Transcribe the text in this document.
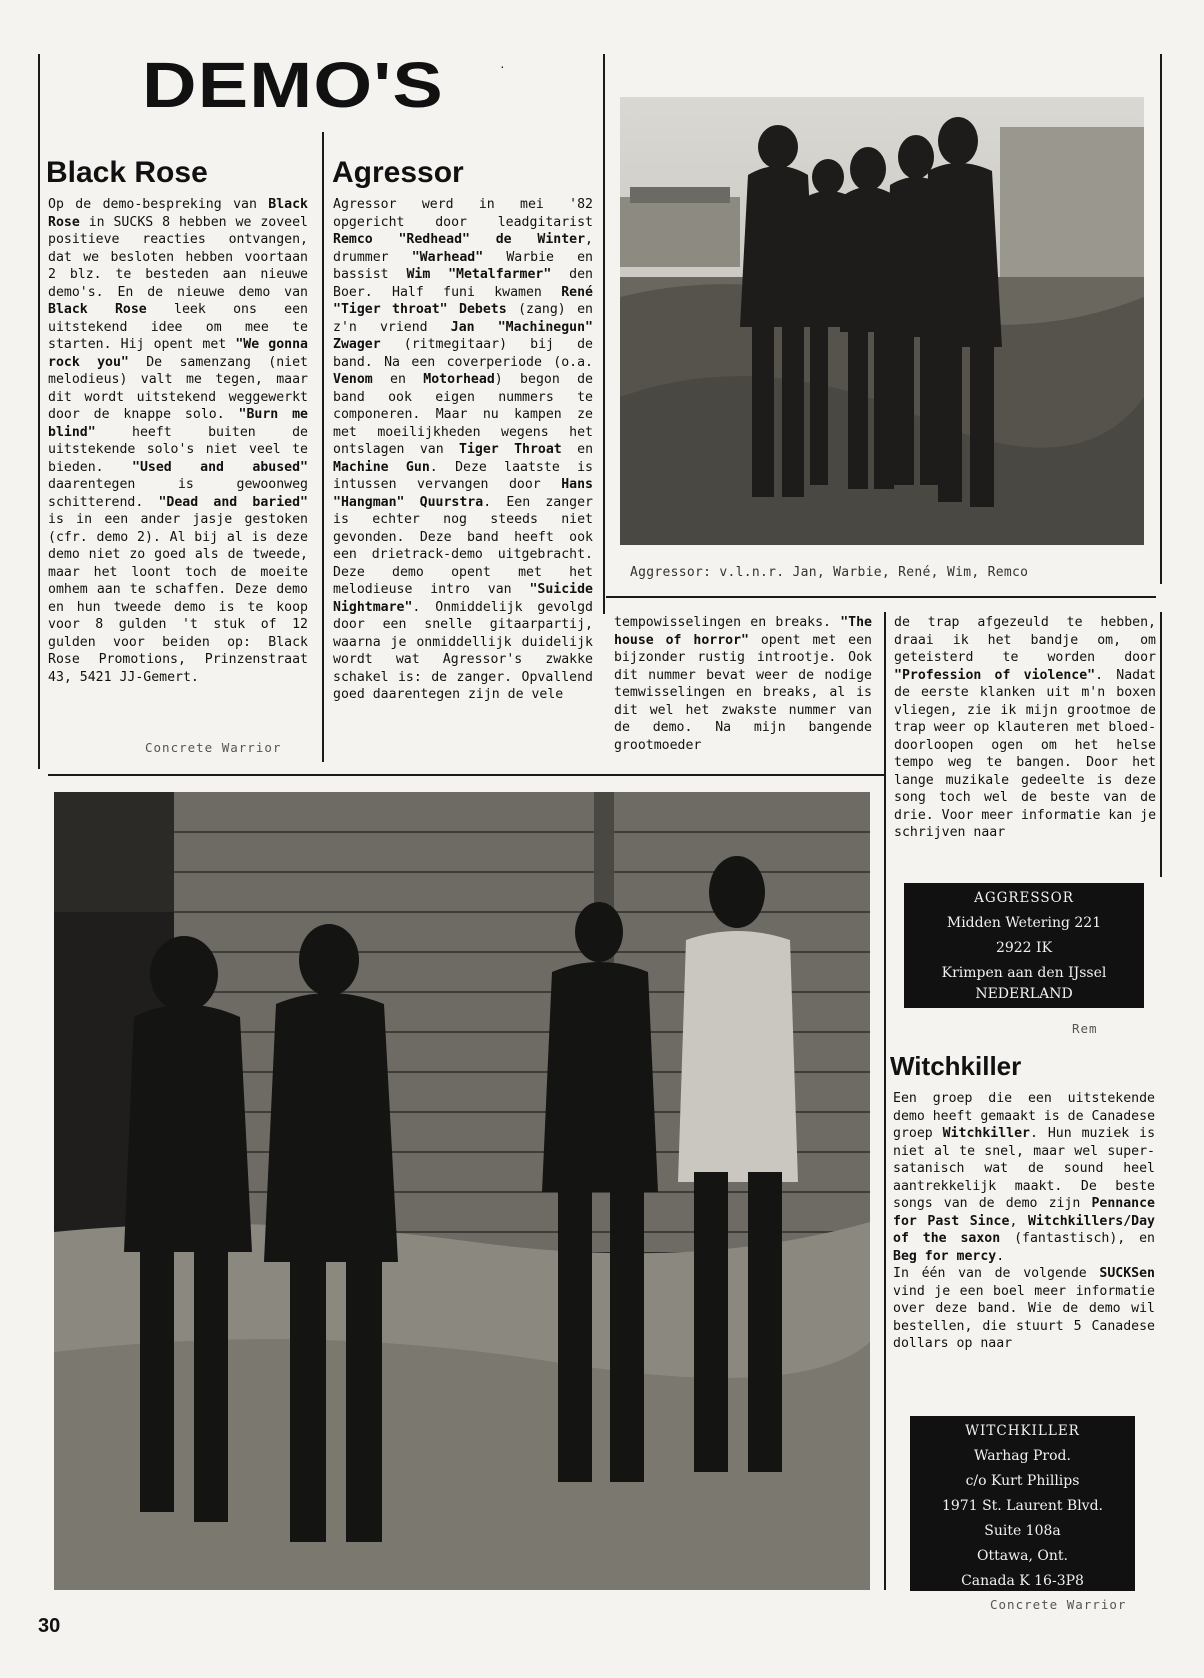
DEMO'S	·
Black Rose

Op de demo-bespreking van Black Rose in SUCKS 8 hebben we zoveel positieve reacties ontvangen, dat we besloten hebben voortaan 2 blz. te besteden aan nieuwe demo's. En de nieuwe demo van Black Rose leek ons een uitstekend idee om mee te starten. Hij opent met "We gonna rock you" De samenzang (niet melodieus) valt me tegen, maar dit wordt uitstekend weggewerkt door de knappe solo. "Burn me blind" heeft buiten de uitstekende solo's niet veel te bieden. "Used and abused" daarentegen is gewoonweg schitterend. "Dead and baried" is in een ander jasje gestoken (cfr. demo 2). Al bij al is deze demo niet zo goed als de tweede, maar het loont toch de moeite omhem aan te schaffen. Deze demo en hun tweede demo is te koop voor 8 gulden 't stuk of 12 gulden voor beiden op: Black Rose Promotions, Prinzenstraat 43, 5421 JJ-Gemert.

Concrete Warrior
Agressor

Agressor werd in mei '82 opgericht door leadgitarist Remco "Redhead" de Winter, drummer "Warhead" Warbie en bassist Wim "Metalfarmer" den Boer. Half funi kwamen René "Tiger throat" Debets (zang) en z'n vriend Jan "Machinegun" Zwager (ritmegitaar) bij de band. Na een coverperiode (o.a. Venom en Motorhead) begon de band ook eigen nummers te componeren. Maar nu kampen ze met moeilijkheden wegens het ontslagen van Tiger Throat en Machine Gun. Deze laatste is intussen vervangen door Hans "Hangman" Quurstra. Een zanger is echter nog steeds niet gevonden. Deze band heeft ook een drietrack-demo uitgebracht. Deze demo opent met het melodieuse intro van "Suicide Nightmare". Onmiddelijk gevolgd door een snelle gitaarpartij, waarna je onmiddellijk duidelijk wordt wat Agressor's zwakke schakel is: de zanger. Opvallend goed daarentegen zijn de vele

Aggressor: v.l.n.r. Jan, Warbie, René, Wim, Remco

tempowisselingen en breaks. "The house of horror" opent met een bijzonder rustig introotje. Ook dit nummer bevat weer de nodige temwisselingen en breaks, al is dit wel het zwakste nummer van de demo. Na mijn bangende grootmoeder

de trap afgezeuld te hebben, draai ik het bandje om, om geteisterd te worden door "Profession of violence". Nadat de eerste klanken uit m'n boxen vliegen, zie ik mijn grootmoe de trap weer op klauteren met bloed-doorloopen ogen om het helse tempo weg te bangen. Door het lange muzikale gedeelte is deze song toch wel de beste van de drie. Voor meer informatie kan je schrijven naar

AGGRESSOR
Midden Wetering 221
2922 IK
Krimpen aan den IJssel
NEDERLAND
Rem
Witchkiller

Een groep die een uitstekende demo heeft gemaakt is de Canadese groep Witchkiller. Hun muziek is niet al te snel, maar wel super-satanisch wat de sound heel aantrekkelijk maakt. De beste songs van de demo zijn Pennance for Past Since, Witchkillers/Day of the saxon (fantastisch), en Beg for mercy.

In één van de volgende SUCKSen vind je een boel meer informatie over deze band. Wie de demo wil bestellen, die stuurt 5 Canadese dollars op naar

WITCHKILLER
Warhag Prod.
c/o Kurt Phillips
1971 St. Laurent Blvd.
Suite 108a
Ottawa, Ont.
Canada K 16-3P8
Concrete Warrior
30
